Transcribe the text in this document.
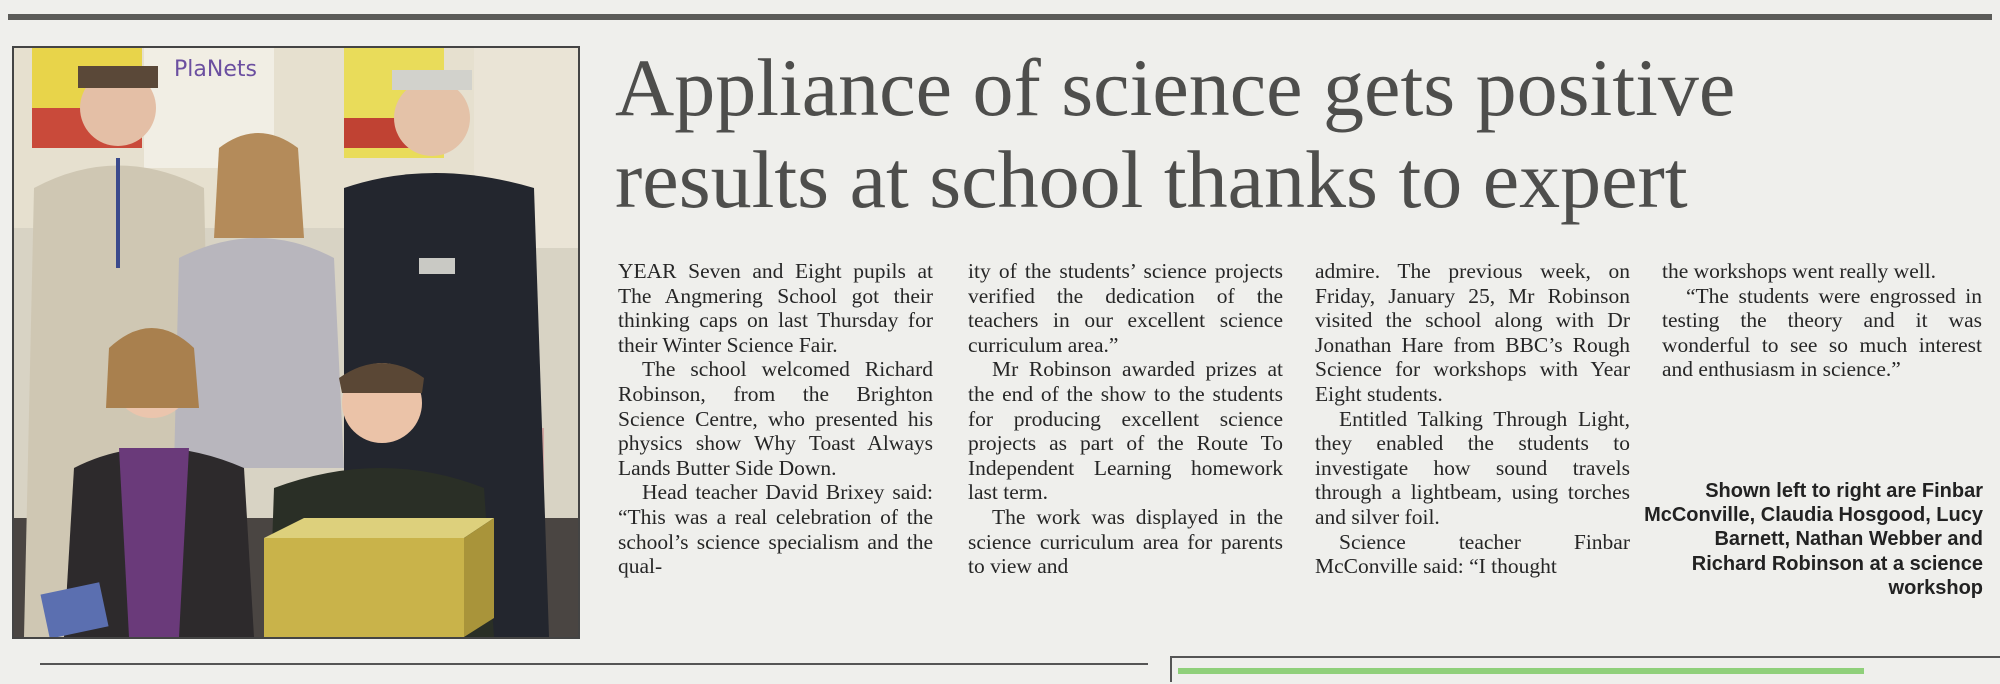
PlaNets	Appliance of science gets positive
results at school thanks to expert

YEAR Seven and Eight pupils at The Angmering School got their thinking caps on last Thursday for their Winter Science Fair.

The school welcomed Richard Robinson, from the Brighton Science Centre, who presented his physics show Why Toast Always Lands Butter Side Down.

Head teacher David Brixey said: “This was a real celebration of the school’s science specialism and the qual-

ity of the students’ science projects verified the dedication of the teachers in our excellent science curriculum area.”

Mr Robinson awarded prizes at the end of the show to the students for producing excellent science projects as part of the Route To Independent Learning homework last term.

The work was displayed in the science curriculum area for parents to view and

admire. The previous week, on Friday, January 25, Mr Robinson visited the school along with Dr Jonathan Hare from BBC’s Rough Science for workshops with Year Eight students.

Entitled Talking Through Light, they enabled the students to investigate how sound travels through a lightbeam, using torches and silver foil.

Science teacher Finbar McConville said: “I thought

the workshops went really well.

“The students were engrossed in testing the theory and it was wonderful to see so much interest and enthusiasm in science.”

Shown left to right are Finbar McConville, Claudia Hosgood, Lucy Barnett, Nathan Webber and Richard Robinson at a science workshop
